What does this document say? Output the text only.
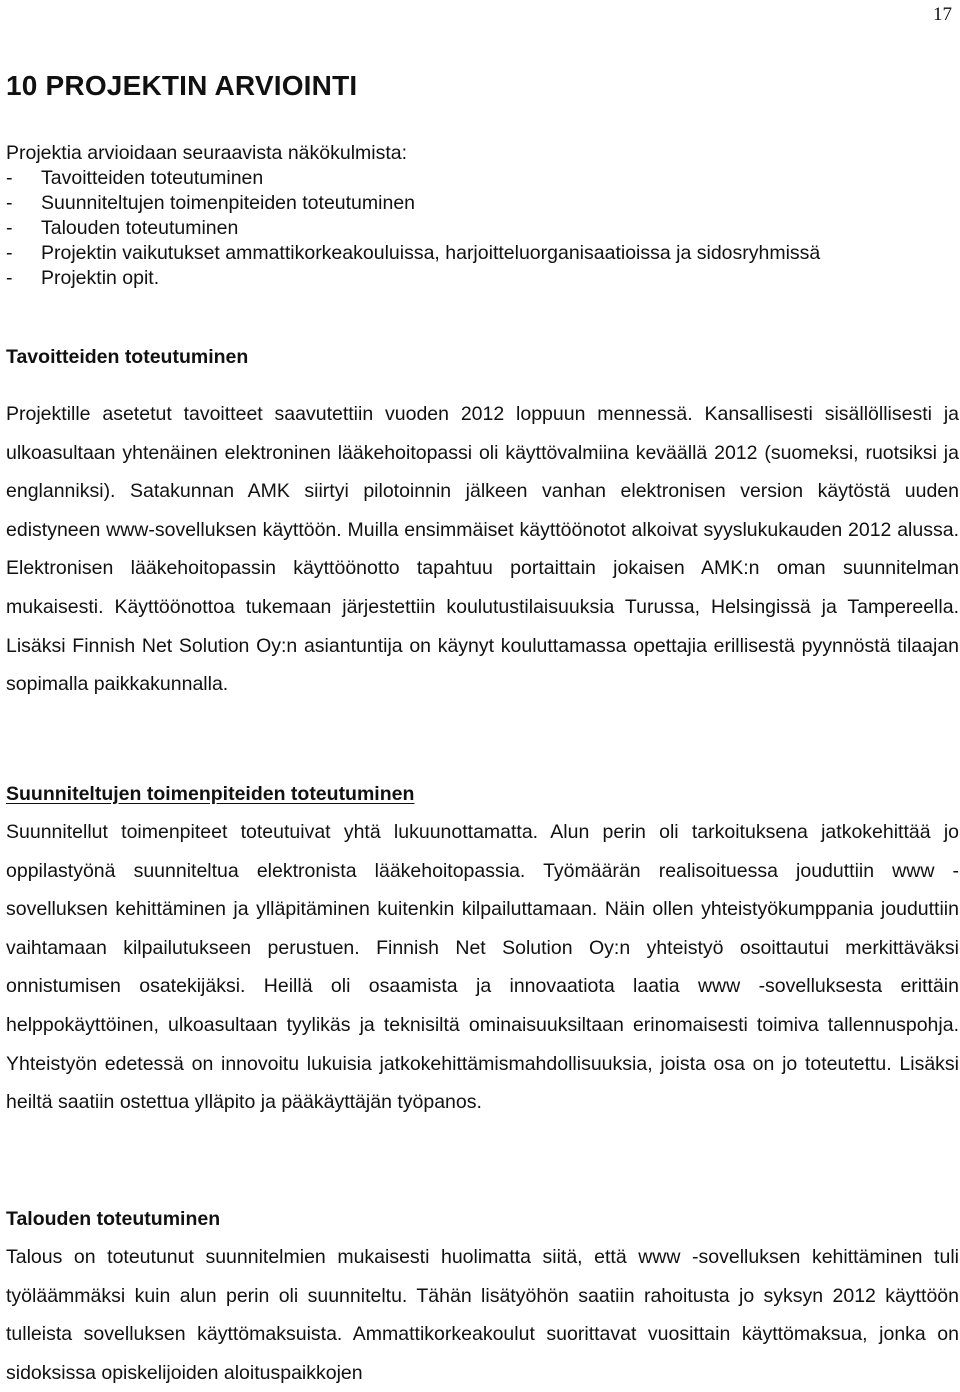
17
10 PROJEKTIN ARVIOINTI
Projektia arvioidaan seuraavista näkökulmista:
-	Tavoitteiden toteutuminen
-	Suunniteltujen toimenpiteiden toteutuminen
-	Talouden toteutuminen
-	Projektin vaikutukset ammattikorkeakouluissa, harjoitteluorganisaatioissa ja sidosryhmissä
-	Projektin opit.
Tavoitteiden toteutuminen

Projektille asetetut tavoitteet saavutettiin vuoden 2012 loppuun mennessä. Kansallisesti sisällöllisesti ja ulkoasultaan yhtenäinen elektroninen lääkehoitopassi oli käyttövalmiina keväällä 2012 (suomeksi, ruotsiksi ja englanniksi). Satakunnan AMK siirtyi pilotoinnin jälkeen vanhan elektronisen version käytöstä uuden edistyneen www-sovelluksen käyttöön. Muilla ensimmäiset käyttöönotot alkoivat syyslukukauden 2012 alussa. Elektronisen lääkehoitopassin käyttöönotto tapahtuu portaittain jokaisen AMK:n oman suunnitelman mukaisesti. Käyttöönottoa tukemaan järjestettiin koulutustilaisuuksia Turussa, Helsingissä ja Tampereella. Lisäksi Finnish Net Solution Oy:n asiantuntija on käynyt kouluttamassa opettajia erillisestä pyynnöstä tilaajan sopimalla paikkakunnalla.

Suunniteltujen toimenpiteiden toteutuminen

Suunnitellut toimenpiteet toteutuivat yhtä lukuunottamatta. Alun perin oli tarkoituksena jatkokehittää jo oppilastyönä suunniteltua elektronista lääkehoitopassia. Työmäärän realisoituessa jouduttiin www -sovelluksen kehittäminen ja ylläpitäminen kuitenkin kilpailuttamaan. Näin ollen yhteistyökumppania jouduttiin vaihtamaan kilpailutukseen perustuen. Finnish Net Solution Oy:n yhteistyö osoittautui merkittäväksi onnistumisen osatekijäksi. Heillä oli osaamista ja innovaatiota laatia www -sovelluksesta erittäin helppokäyttöinen, ulkoasultaan tyylikäs ja teknisiltä ominaisuuksiltaan erinomaisesti toimiva tallennuspohja. Yhteistyön edetessä on innovoitu lukuisia jatkokehittämismahdollisuuksia, joista osa on jo toteutettu. Lisäksi heiltä saatiin ostettua ylläpito ja pääkäyttäjän työpanos.

Talouden toteutuminen

Talous on toteutunut suunnitelmien mukaisesti huolimatta siitä, että www -sovelluksen kehittäminen tuli työläämmäksi kuin alun perin oli suunniteltu. Tähän lisätyöhön saatiin rahoitusta jo syksyn 2012 käyttöön tulleista sovelluksen käyttömaksuista. Ammattikorkeakoulut suorittavat vuosittain käyttömaksua, jonka on sidoksissa opiskelijoiden aloituspaikkojen
